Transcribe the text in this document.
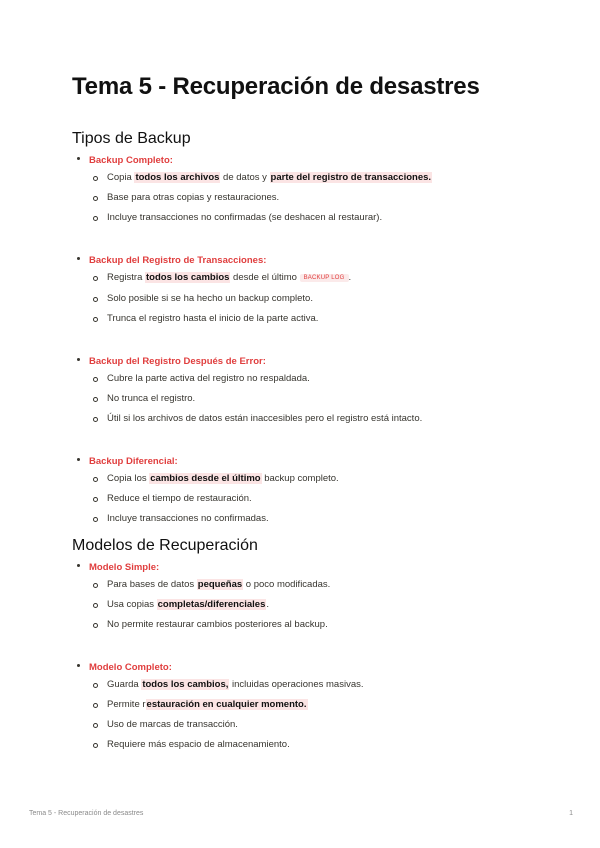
Tema 5 - Recuperación de desastres
Tipos de Backup
Backup Completo:
Copia todos los archivos de datos y parte del registro de transacciones.
Base para otras copias y restauraciones.
Incluye transacciones no confirmadas (se deshacen al restaurar).
Backup del Registro de Transacciones:
Registra todos los cambios desde el último BACKUP LOG .
Solo posible si se ha hecho un backup completo.
Trunca el registro hasta el inicio de la parte activa.
Backup del Registro Después de Error:
Cubre la parte activa del registro no respaldada.
No trunca el registro.
Útil si los archivos de datos están inaccesibles pero el registro está intacto.
Backup Diferencial:
Copia los cambios desde el último backup completo.
Reduce el tiempo de restauración.
Incluye transacciones no confirmadas.
Modelos de Recuperación
Modelo Simple:
Para bases de datos pequeñas o poco modificadas.
Usa copias completas/diferenciales.
No permite restaurar cambios posteriores al backup.
Modelo Completo:
Guarda todos los cambios, incluidas operaciones masivas.
Permite restauración en cualquier momento.
Uso de marcas de transacción.
Requiere más espacio de almacenamiento.
Tema 5 - Recuperación de desastres	1
